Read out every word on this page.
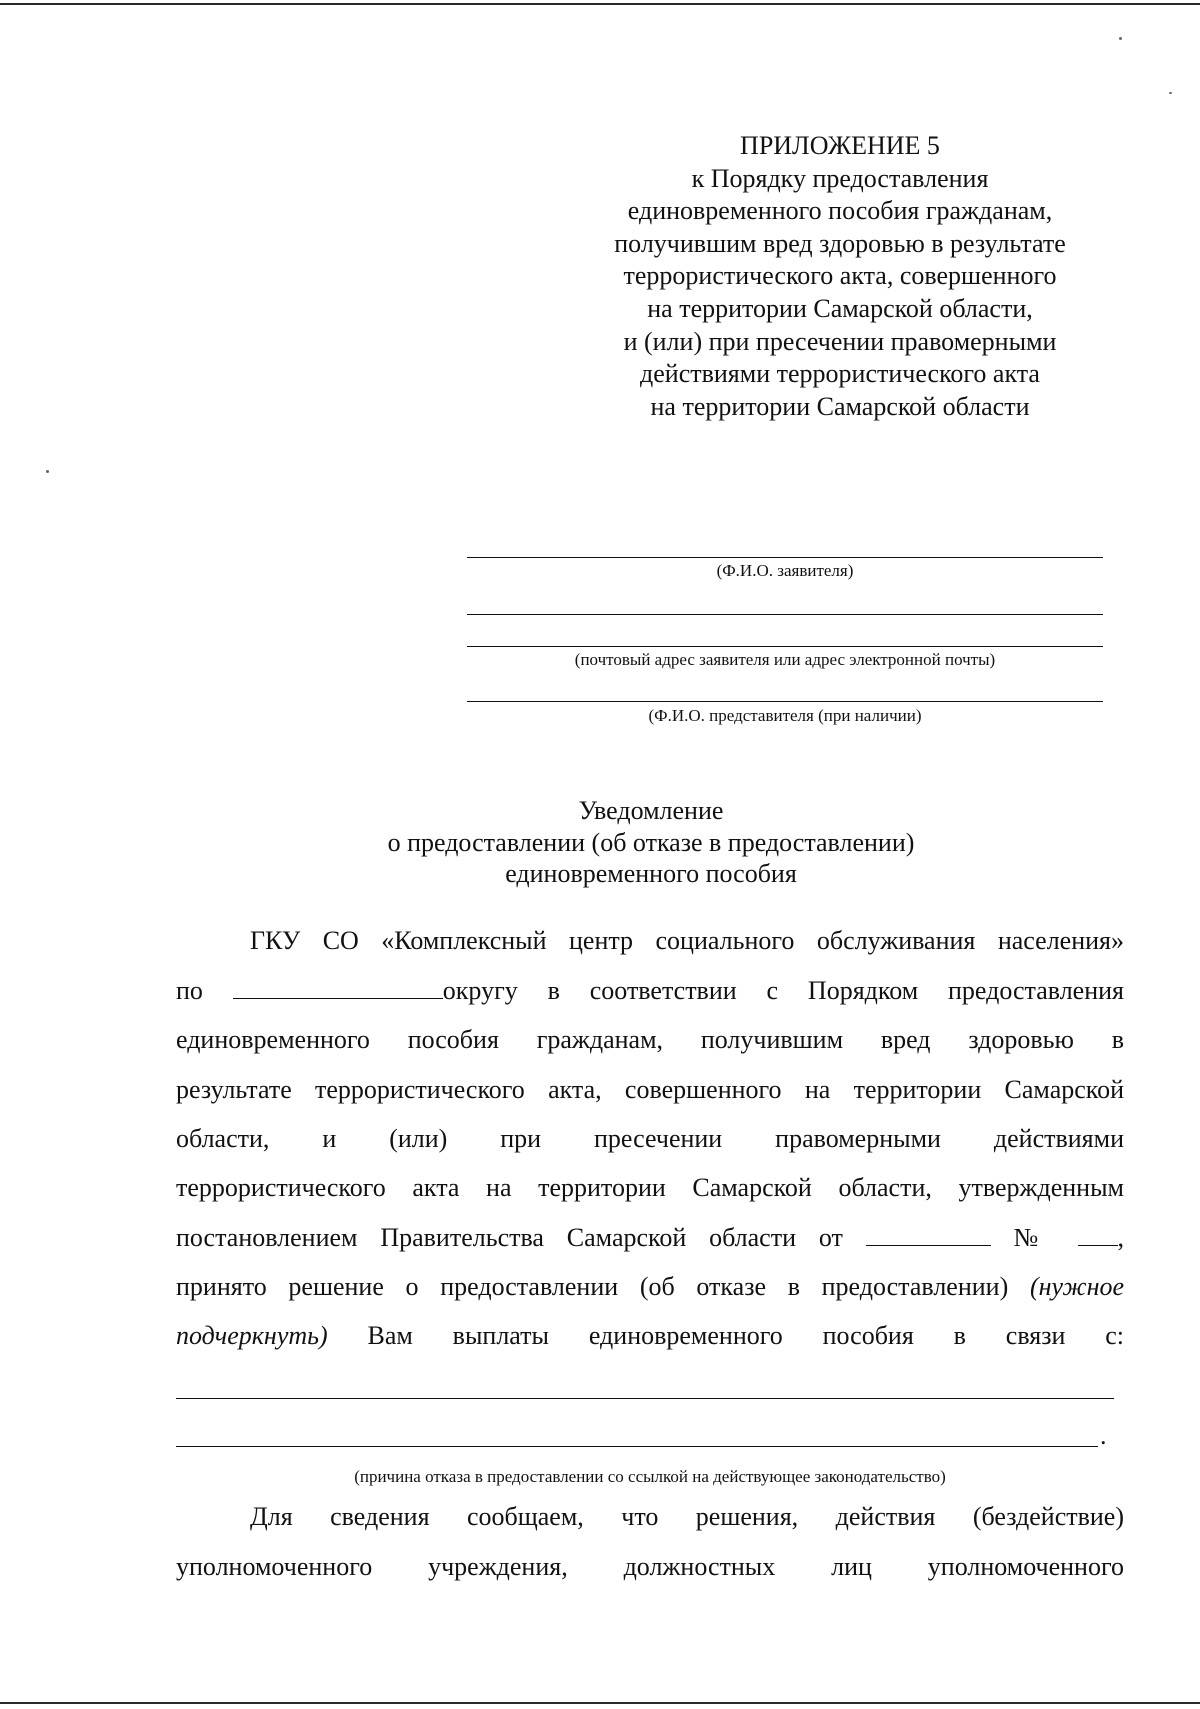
ПРИЛОЖЕНИЕ 5
к Порядку предоставления
единовременного пособия гражданам,
получившим вред здоровью в результате
террористического акта, совершенного
на территории Самарской области,
и (или) при пресечении правомерными
действиями террористического акта
на территории Самарской области
(Ф.И.О. заявителя)
(почтовый адрес заявителя или адрес электронной почты)
(Ф.И.О. представителя (при наличии)
Уведомление
о предоставлении (об отказе в предоставлении)
единовременного пособия
ГКУ СО «Комплексный центр социального обслуживания населения»
по	округу в соответствии с Порядком предоставления
единовременного пособия гражданам, получившим вред здоровью в
результате террористического акта, совершенного на территории Самарской
области, и (или) при пресечении правомерными действиями
террористического акта на территории Самарской области, утвержденным
постановлением Правительства Самарской области от	№ ,
принято решение о предоставлении (об отказе в предоставлении) (нужное
подчеркнуть) Вам выплаты единовременного пособия в связи с:
.
(причина отказа в предоставлении со ссылкой на действующее законодательство)
Для сведения сообщаем, что решения, действия (бездействие)
уполномоченного учреждения, должностных лиц уполномоченного
